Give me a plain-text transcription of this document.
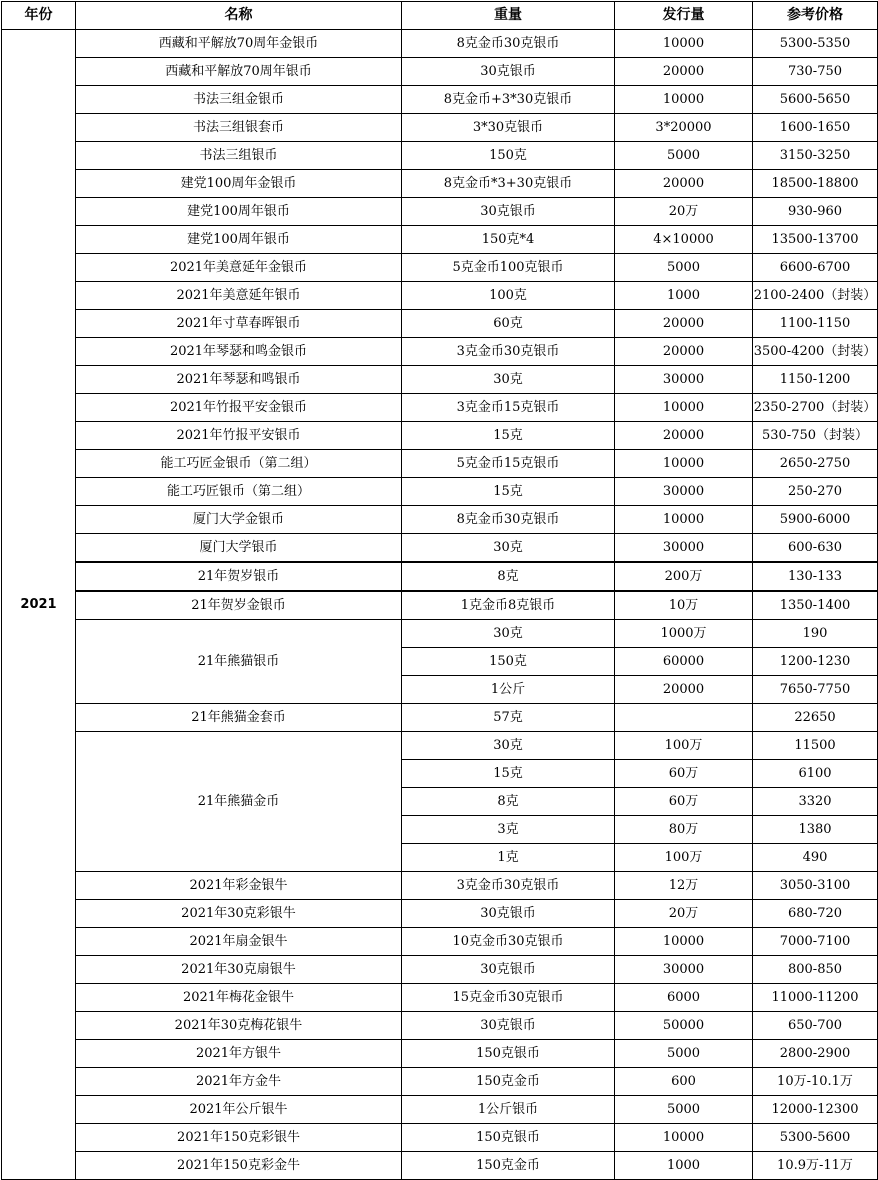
年份	名称	重量	发行量	参考价格
2021	西藏和平解放70周年金银币	8克金币30克银币	10000	5300-5350
	西藏和平解放70周年银币	30克银币	20000	730-750
	书法三组金银币	8克金币+3*30克银币	10000	5600-5650
	书法三组银套币	3*30克银币	3*20000	1600-1650
	书法三组银币	150克	5000	3150-3250
	建党100周年金银币	8克金币*3+30克银币	20000	18500-18800
	建党100周年银币	30克银币	20万	930-960
	建党100周年银币	150克*4	4×10000	13500-13700
	2021年美意延年金银币	5克金币100克银币	5000	6600-6700
	2021年美意延年银币	100克	1000	2100-2400（封装）
	2021年寸草春晖银币	60克	20000	1100-1150
	2021年琴瑟和鸣金银币	3克金币30克银币	20000	3500-4200（封装）
	2021年琴瑟和鸣银币	30克	30000	1150-1200
	2021年竹报平安金银币	3克金币15克银币	10000	2350-2700（封装）
	2021年竹报平安银币	15克	20000	530-750（封装）
	能工巧匠金银币（第二组）	5克金币15克银币	10000	2650-2750
	能工巧匠银币（第二组）	15克	30000	250-270
	厦门大学金银币	8克金币30克银币	10000	5900-6000
	厦门大学银币	30克	30000	600-630
	21年贺岁银币	8克	200万	130-133
	21年贺岁金银币	1克金币8克银币	10万	1350-1400
	21年熊猫银币	30克	1000万	190
		150克	60000	1200-1230
		1公斤	20000	7650-7750
	21年熊猫金套币	57克		22650
	21年熊猫金币	30克	100万	11500
		15克	60万	6100
		8克	60万	3320
		3克	80万	1380
		1克	100万	490
	2021年彩金银牛	3克金币30克银币	12万	3050-3100
	2021年30克彩银牛	30克银币	20万	680-720
	2021年扇金银牛	10克金币30克银币	10000	7000-7100
	2021年30克扇银牛	30克银币	30000	800-850
	2021年梅花金银牛	15克金币30克银币	6000	11000-11200
	2021年30克梅花银牛	30克银币	50000	650-700
	2021年方银牛	150克银币	5000	2800-2900
	2021年方金牛	150克金币	600	10万-10.1万
	2021年公斤银牛	1公斤银币	5000	12000-12300
	2021年150克彩银牛	150克银币	10000	5300-5600
	2021年150克彩金牛	150克金币	1000	10.9万-11万
